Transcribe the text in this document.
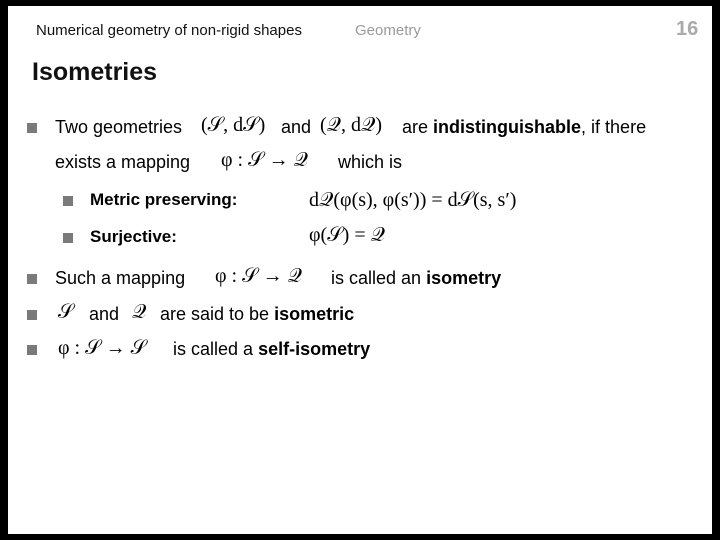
Numerical geometry of non-rigid shapes	Geometry	16
Isometries
Two geometries (𝒮, d𝒮) and (𝒬, d𝒬) are indistinguishable, if there
exists a mapping φ : 𝒮 → 𝒬 which is
Metric preserving:	d𝒬(φ(s), φ(s′)) = d𝒮(s, s′)
Surjective:	φ(𝒮) = 𝒬
Such a mapping φ : 𝒮 → 𝒬 is called an isometry
𝒮 and 𝒬 are said to be isometric
φ : 𝒮 → 𝒮 is called a self-isometry
